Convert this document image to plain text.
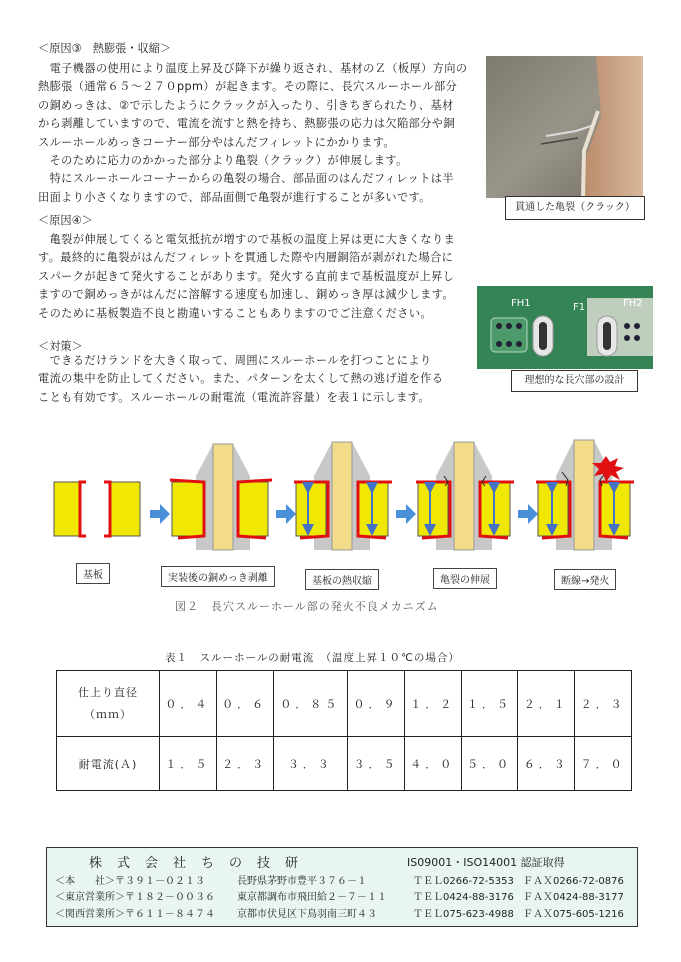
＜原因③　熱膨張・収縮＞
　電子機器の使用により温度上昇及び降下が繰り返され、基材のＺ（板厚）方向の
熱膨張（通常６５～２７０ppm）が起きます。その際に、長穴スルーホール部分
の銅めっきは、②で示したようにクラックが入ったり、引きちぎられたり、基材
から剥離していますので、電流を流すと熱を持ち、熱膨張の応力は欠陥部分や銅
スルーホールめっきコーナー部分やはんだフィレットにかかります。
　そのために応力のかかった部分より亀裂（クラック）が伸展します。
　特にスルーホールコーナーからの亀裂の場合、部品面のはんだフィレットは半
田面より小さくなりますので、部品面側で亀裂が進行することが多いです。
貫通した亀裂（クラック）
＜原因④＞
　亀裂が伸展してくると電気抵抗が増すので基板の温度上昇は更に大きくなりま
す。最終的に亀裂がはんだフィレットを貫通した際や内層銅箔が剥がれた場合に
スパークが起きて発火することがあります。発火する直前まで基板温度が上昇し
ますので銅めっきがはんだに溶解する速度も加速し、銅めっき厚は減少します。
そのために基板製造不良と勘違いすることもありますのでご注意ください。
FH1	F1	FH2
理想的な長穴部の設計
＜対策＞
　できるだけランドを大きく取って、周囲にスルーホールを打つことにより
電流の集中を防止してください。また、パターンを太くして熱の逃げ道を作る
ことも有効です。スルーホールの耐電流（電流許容量）を表１に示します。
基板	実装後の銅めっき剥離	基板の熱収縮	亀裂の伸展	断線→発火
図２　長穴スルーホール部の発火不良メカニズム
表１　スルーホールの耐電流　（温度上昇１０℃の場合）
仕上り直径
（ｍｍ）	０．４	０．６	０．８５	０．９	１．２	１．５	２．１	２．３
耐電流(Ａ)	１．５	２．３	３．３	３．５	４．０	５．０	６．３	７．０
株　式　会　社　ち　の　技　研	IS09001・ISO14001 認証取得
＜本　　社＞〒３９１－０２１３	長野県茅野市豊平３７６－１	ＴＥＬ0266-72-5353 ＦＡＸ0266-72-0876
＜東京営業所＞〒１８２－００３６ 東京都調布市飛田給２－７－１１	ＴＥＬ0424-88-3176 ＦＡＸ0424-88-3177
＜関西営業所＞〒６１１－８４７４ 京都市伏見区下鳥羽南三町４３	ＴＥＬ075-623-4988 ＦＡＸ075-605-1216
